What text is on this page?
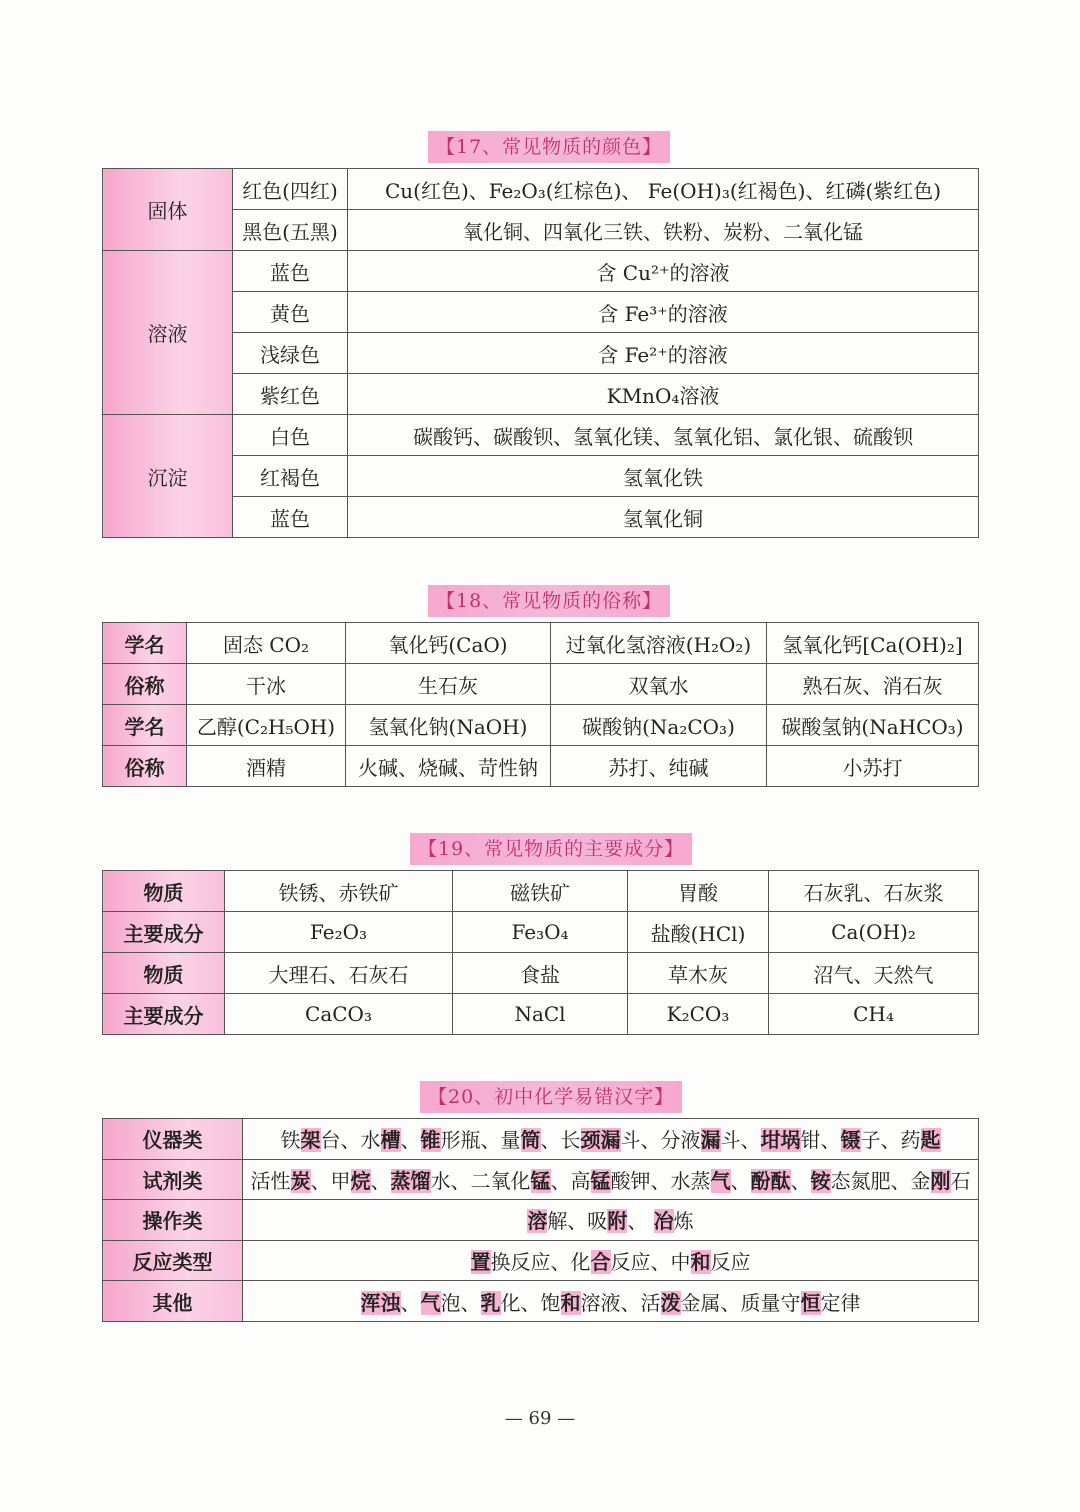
【17、常见物质的颜色】
固体	红色(四红)	Cu(红色)、Fe₂O₃(红棕色)、 Fe(OH)₃(红褐色)、红磷(紫红色)
	黑色(五黑)	氧化铜、四氧化三铁、铁粉、炭粉、二氧化锰
溶液	蓝色	含 Cu²⁺的溶液
	黄色	含 Fe³⁺的溶液
	浅绿色	含 Fe²⁺的溶液
	紫红色	KMnO₄溶液
沉淀	白色	碳酸钙、碳酸钡、氢氧化镁、氢氧化铝、氯化银、硫酸钡
	红褐色	氢氧化铁
	蓝色	氢氧化铜
【18、常见物质的俗称】
学名	固态 CO₂	氧化钙(CaO)	过氧化氢溶液(H₂O₂)	氢氧化钙[Ca(OH)₂]
俗称	干冰	生石灰	双氧水	熟石灰、消石灰
学名	乙醇(C₂H₅OH)	氢氧化钠(NaOH)	碳酸钠(Na₂CO₃)	碳酸氢钠(NaHCO₃)
俗称	酒精	火碱、烧碱、苛性钠	苏打、纯碱	小苏打
【19、常见物质的主要成分】
物质	铁锈、赤铁矿	磁铁矿	胃酸	石灰乳、石灰浆
主要成分	Fe₂O₃	Fe₃O₄	盐酸(HCl)	Ca(OH)₂
物质	大理石、石灰石	食盐	草木灰	沼气、天然气
主要成分	CaCO₃	NaCl	K₂CO₃	CH₄
【20、初中化学易错汉字】
仪器类	铁架台、水槽、锥形瓶、量筒、长颈漏斗、分液漏斗、坩埚钳、镊子、药匙
试剂类	活性炭、甲烷、蒸馏水、二氧化锰、高锰酸钾、水蒸气、酚酞、铵态氮肥、金刚石
操作类	溶解、吸附、 冶炼
反应类型	置换反应、化合反应、中和反应
其他	浑浊、气泡、乳化、饱和溶液、活泼金属、质量守恒定律
— 69 —
